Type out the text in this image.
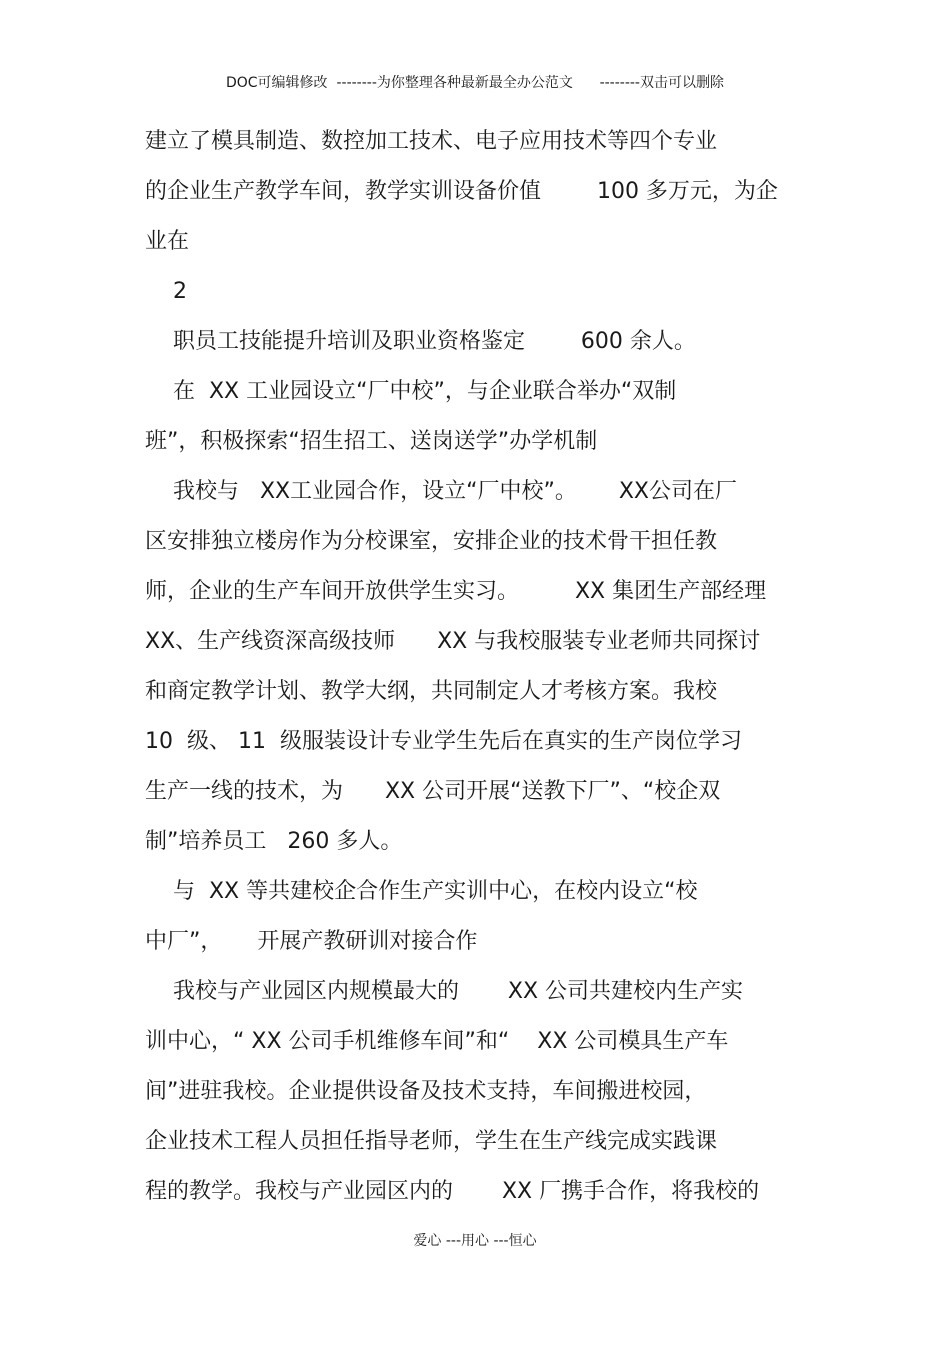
DOC可编辑修改  --------为你整理各种最新最全办公范文      --------双击可以删除
建立了模具制造、数控加工技术、电子应用技术等四个专业
的企业生产教学车间，教学实训设备价值        100 多万元，为企
业在
2
职员工技能提升培训及职业资格鉴定        600 余人。
在  XX 工业园设立“厂中校”，与企业联合举办“双制
班”，积极探索“招生招工、送岗送学”办学机制
我校与   XX工业园合作，设立“厂中校”。      XX公司在厂
区安排独立楼房作为分校课室，安排企业的技术骨干担任教
师，企业的生产车间开放供学生实习。        XX 集团生产部经理
XX、生产线资深高级技师      XX 与我校服装专业老师共同探讨
和商定教学计划、教学大纲，共同制定人才考核方案。我校
10  级、 11  级服装设计专业学生先后在真实的生产岗位学习
生产一线的技术，为      XX 公司开展“送教下厂”、“校企双
制”培养员工   260 多人。
与  XX 等共建校企合作生产实训中心，在校内设立“校
中厂”，     开展产教研训对接合作
我校与产业园区内规模最大的       XX 公司共建校内生产实
训中心，“ XX 公司手机维修车间”和“    XX 公司模具生产车
间”进驻我校。企业提供设备及技术支持，车间搬进校园，
企业技术工程人员担任指导老师，学生在生产线完成实践课
程的教学。我校与产业园区内的       XX 厂携手合作，将我校的
爱心 ---用心 ---恒心
